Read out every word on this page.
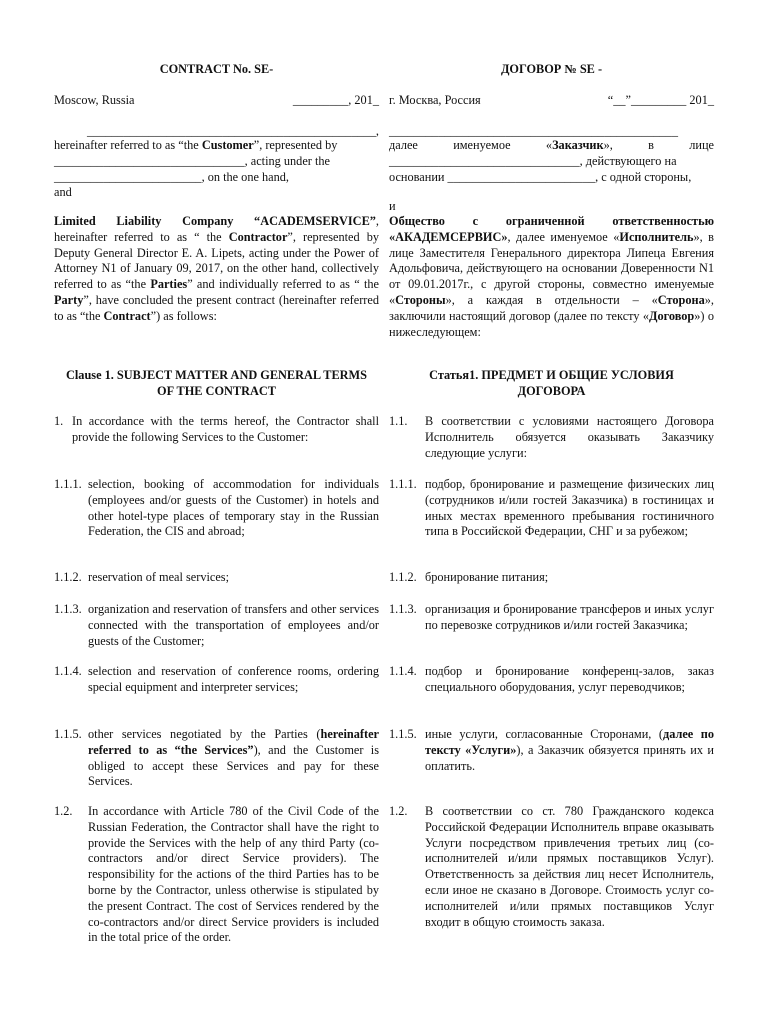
CONTRACT No. SE-

Moscow, Russia	_________, 201_
_______________________________________________,
hereinafter referred to as “the Customer”, represented by
_______________________________, acting under the
________________________, on the one hand,
and
Limited Liability Company “ACADEMSERVICE”, hereinafter referred to as “ the Contractor”, represented by Deputy General Director E. A. Lipets, acting under the Power of Attorney N1 of January 09, 2017, on the other hand, collectively referred to as “the Parties” and individually referred to as “ the Party”, have concluded the present contract (hereinafter referred to as “the Contract”) as follows:
Clause 1. SUBJECT MATTER AND GENERAL TERMS OF THE CONTRACT
1. In accordance with the terms hereof, the Contractor shall provide the following Services to the Customer:
1.1.1. selection, booking of accommodation for individuals (employees and/or guests of the Customer) in hotels and other hotel-type places of temporary stay in the Russian Federation, the CIS and abroad;
1.1.2. reservation of meal services;
1.1.3. organization and reservation of transfers and other services connected with the transportation of employees and/or guests of the Customer;
1.1.4. selection and reservation of conference rooms, ordering special equipment and interpreter services;
1.1.5. other services negotiated by the Parties (hereinafter referred to as “the Services”), and the Customer is obliged to accept these Services and pay for these Services.
1.2. In accordance with Article 780 of the Civil Code of the Russian Federation, the Contractor shall have the right to provide the Services with the help of any third Party (co-contractors and/or direct Service providers). The responsibility for the actions of the third Parties has to be borne by the Contractor, unless otherwise is stipulated by the present Contract. The cost of Services rendered by the co-contractors and/or direct Service providers is included in the total price of the order.

ДОГОВОР № SE -

г. Москва, Россия	“__”_________ 201_
_______________________________________________
далее именуемое «Заказчик», в лице
_______________________________, действующего на
основании ________________________, с одной стороны,
и
Общество с ограниченной ответственностью «АКАДЕМСЕРВИС», далее именуемое «Исполнитель», в лице Заместителя Генерального директора Липеца Евгения Адольфовича, действующего на основании Доверенности N1 от 09.01.2017г., с другой стороны, совместно именуемые «Стороны», а каждая в отдельности – «Сторона», заключили настоящий договор (далее по тексту «Договор») о нижеследующем:
Статья1. ПРЕДМЕТ И ОБЩИЕ УСЛОВИЯ ДОГОВОРА
1.1. В соответствии с условиями настоящего Договора Исполнитель обязуется оказывать Заказчику следующие услуги:
1.1.1. подбор, бронирование и размещение физических лиц (сотрудников и/или гостей Заказчика) в гостиницах и иных местах временного пребывания гостиничного типа в Российской Федерации, СНГ и за рубежом;
1.1.2. бронирование питания;
1.1.3. организация и бронирование трансферов и иных услуг по перевозке сотрудников и/или гостей Заказчика;
1.1.4. подбор и бронирование конференц-залов, заказ специального оборудования, услуг переводчиков;
1.1.5. иные услуги, согласованные Сторонами, (далее по тексту «Услуги»), а Заказчик обязуется принять их и оплатить.
1.2. В соответствии со ст. 780 Гражданского кодекса Российской Федерации Исполнитель вправе оказывать Услуги посредством привлечения третьих лиц (со-исполнителей и/или прямых поставщиков Услуг). Ответственность за действия лиц несет Исполнитель, если иное не сказано в Договоре. Стоимость услуг со-исполнителей и/или прямых поставщиков Услуг входит в общую стоимость заказа.
